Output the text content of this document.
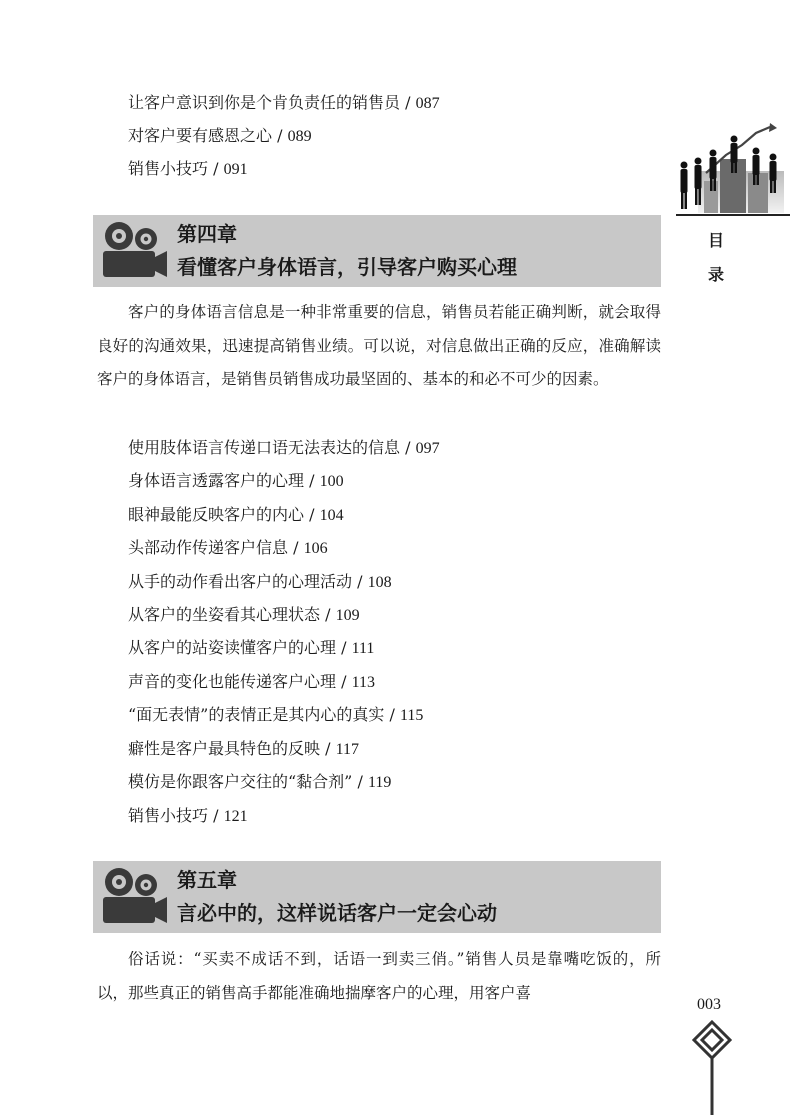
让客户意识到你是个肯负责任的销售员 / 087
对客户要有感恩之心 / 089
销售小技巧 / 091
第四章
看懂客户身体语言，引导客户购买心理

客户的身体语言信息是一种非常重要的信息，销售员若能正确判断，就会取得良好的沟通效果，迅速提高销售业绩。可以说，对信息做出正确的反应，准确解读客户的身体语言，是销售员销售成功最坚固的、基本的和必不可少的因素。

使用肢体语言传递口语无法表达的信息 / 097
身体语言透露客户的心理 / 100
眼神最能反映客户的内心 / 104
头部动作传递客户信息 / 106
从手的动作看出客户的心理活动 / 108
从客户的坐姿看其心理状态 / 109
从客户的站姿读懂客户的心理 / 111
声音的变化也能传递客户心理 / 113
“面无表情”的表情正是其内心的真实 / 115
癖性是客户最具特色的反映 / 117
模仿是你跟客户交往的“黏合剂” / 119
销售小技巧 / 121
第五章
言必中的，这样说话客户一定会心动

俗话说：“买卖不成话不到，话语一到卖三俏。”销售人员是靠嘴吃饭的，所以，那些真正的销售高手都能准确地揣摩客户的心理，用客户喜

目
录
003
